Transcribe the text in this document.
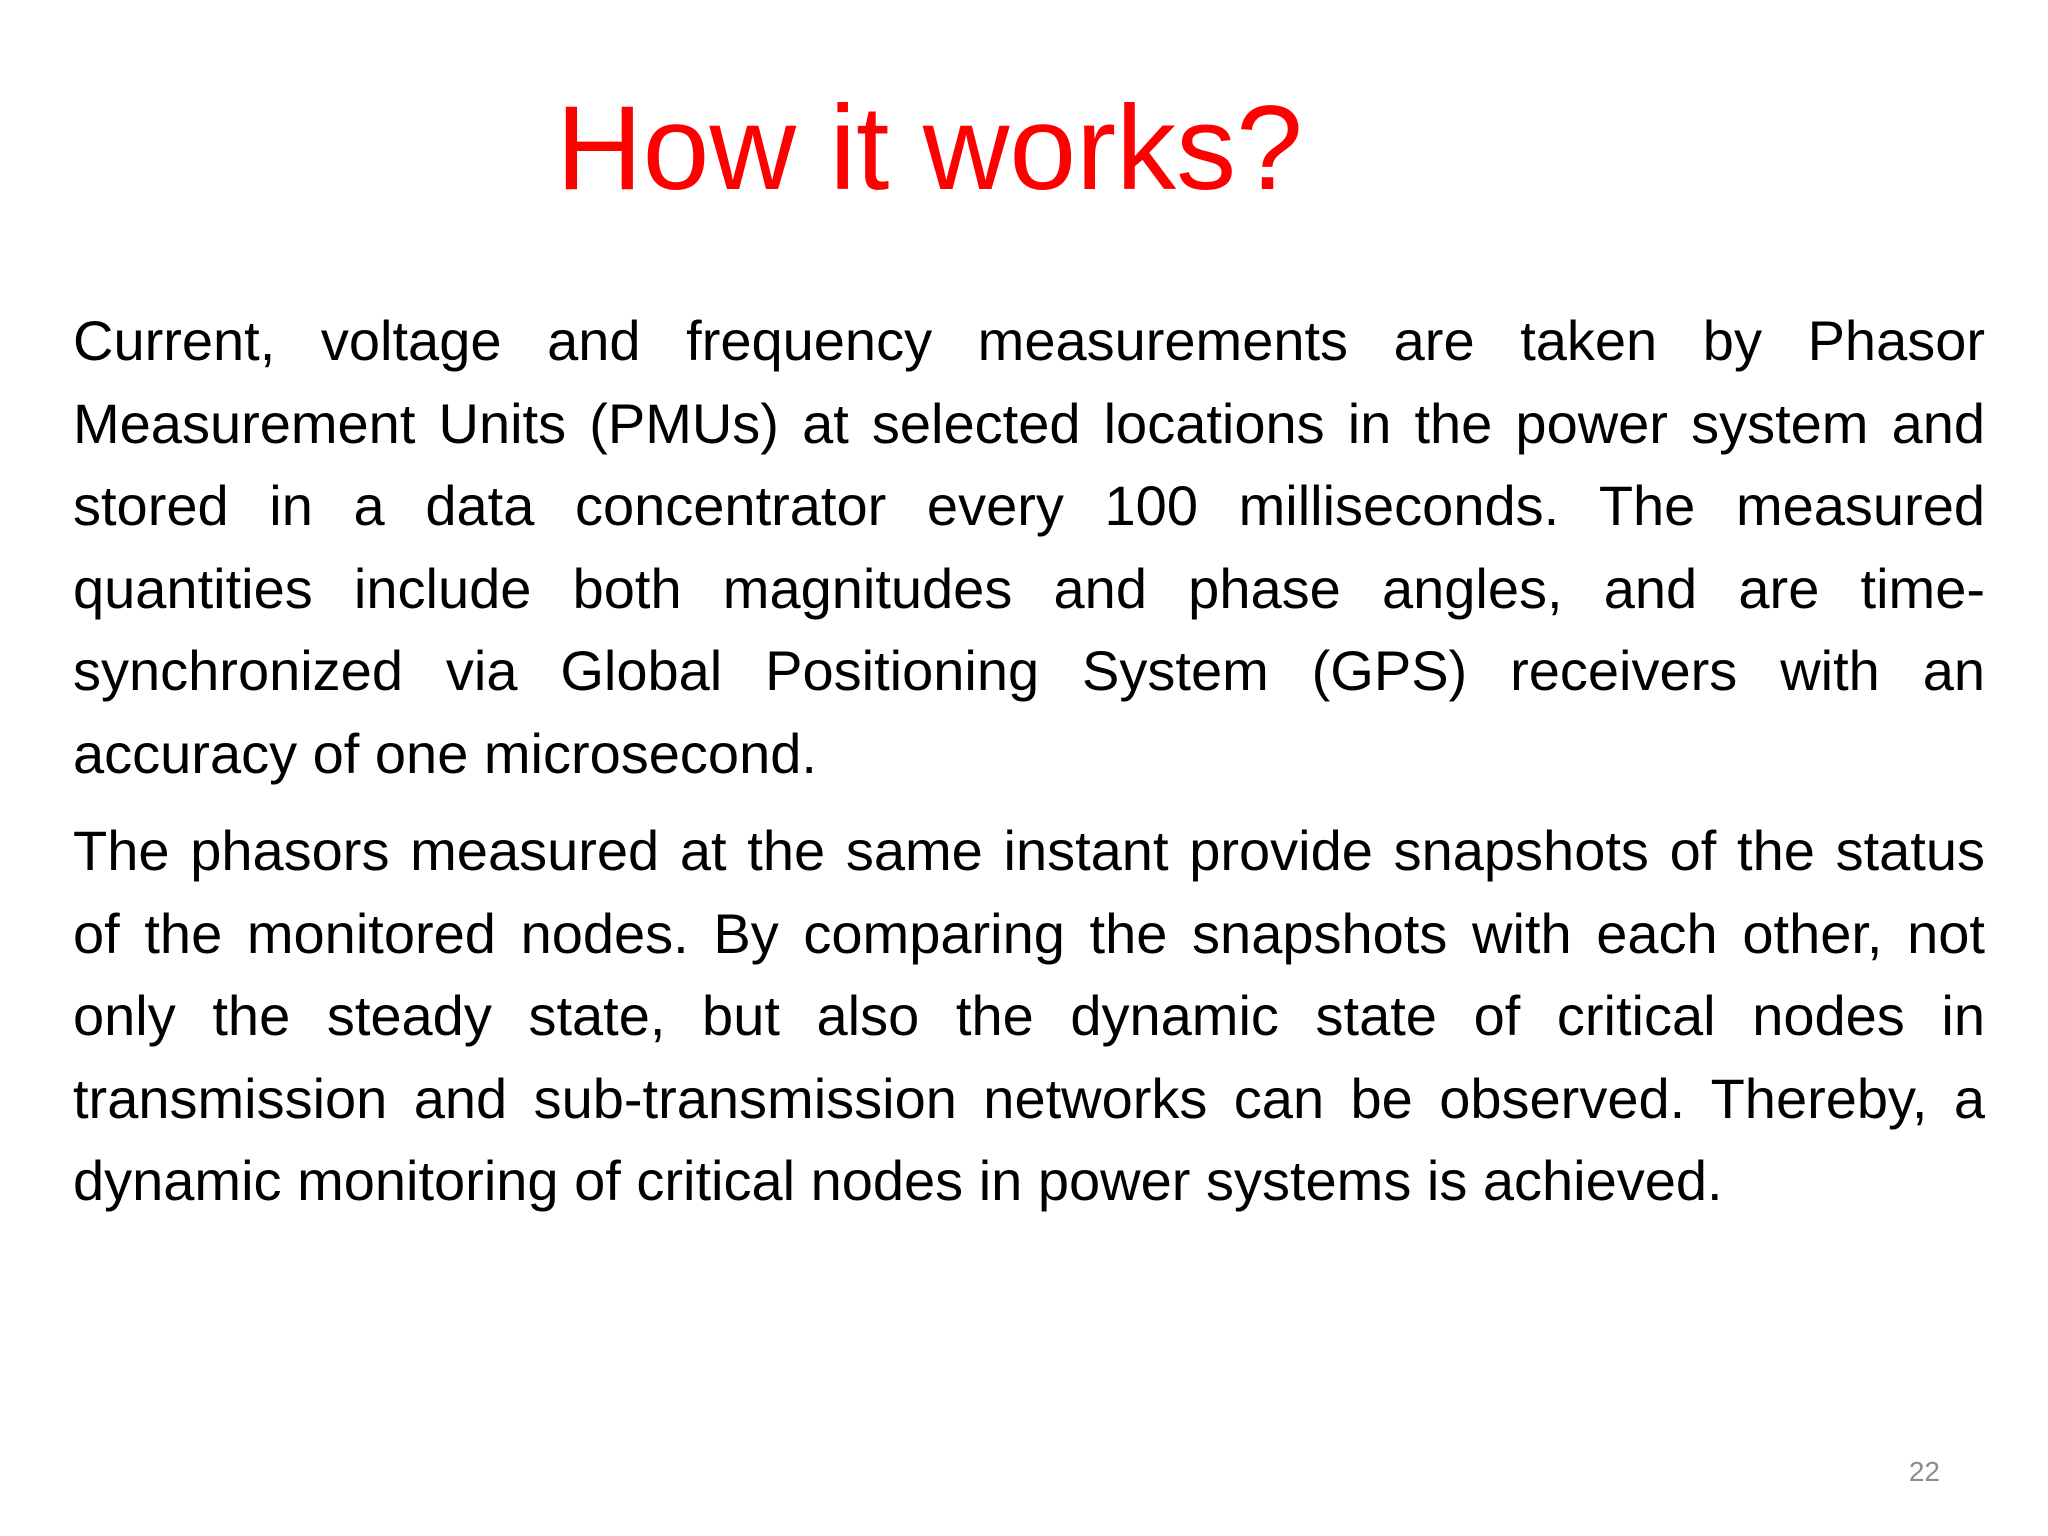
How it works?

Current, voltage and frequency measurements are taken by Phasor Measurement Units (PMUs) at selected locations in the power system and stored in a data concentrator every 100 milliseconds. The measured quantities include both magnitudes and phase angles, and are time-synchronized via Global Positioning System (GPS) receivers with an accuracy of one microsecond.

The phasors measured at the same instant provide snapshots of the status of the monitored nodes. By comparing the snapshots with each other, not only the steady state, but also the dynamic state of critical nodes in transmission and sub-transmission networks can be observed. Thereby, a dynamic monitoring of critical nodes in power systems is achieved.

22
